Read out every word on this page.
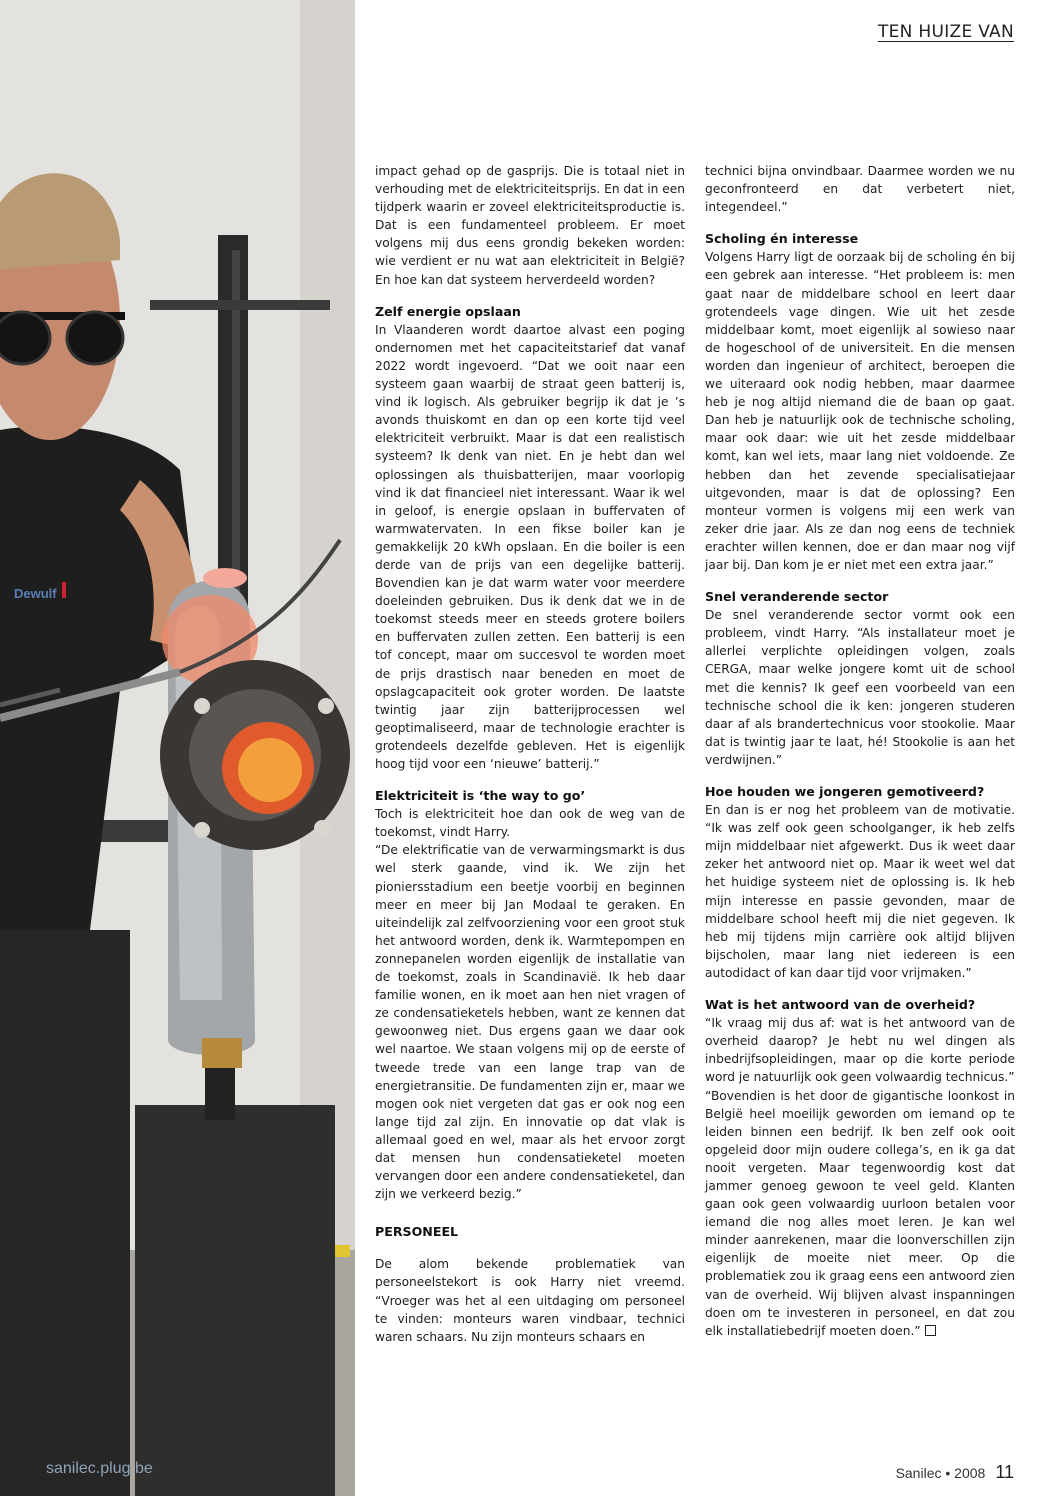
Dewulf
sanilec.plug.be
TEN HUIZE VAN

impact gehad op de gasprijs. Die is totaal niet in verhouding met de elektriciteitsprijs. En dat in een tijdperk waarin er zoveel elektriciteitsproductie is. Dat is een fundamenteel probleem. Er moet volgens mij dus eens grondig bekeken worden: wie verdient er nu wat aan elektriciteit in België? En hoe kan dat systeem herverdeeld worden?

Zelf energie opslaan

In Vlaanderen wordt daartoe alvast een poging ondernomen met het capaciteitstarief dat vanaf 2022 wordt ingevoerd. “Dat we ooit naar een systeem gaan waarbij de straat geen batterij is, vind ik logisch. Als gebruiker begrijp ik dat je ’s avonds thuiskomt en dan op een korte tijd veel elektriciteit verbruikt. Maar is dat een realistisch systeem? Ik denk van niet. En je hebt dan wel oplossingen als thuisbatterijen, maar voorlopig vind ik dat financieel niet interessant. Waar ik wel in geloof, is energie opslaan in buffervaten of warmwatervaten. In een fikse boiler kan je gemakkelijk 20 kWh opslaan. En die boiler is een derde van de prijs van een degelijke batterij. Bovendien kan je dat warm water voor meerdere doeleinden gebruiken. Dus ik denk dat we in de toekomst steeds meer en steeds grotere boilers en buffervaten zullen zetten. Een batterij is een tof concept, maar om succesvol te worden moet de prijs drastisch naar beneden en moet de opslagcapaciteit ook groter worden. De laatste twintig jaar zijn batterijprocessen wel geoptimaliseerd, maar de technologie erachter is grotendeels dezelfde gebleven. Het is eigenlijk hoog tijd voor een ‘nieuwe’ batterij.”

Elektriciteit is ‘the way to go’

Toch is elektriciteit hoe dan ook de weg van de toekomst, vindt Harry.

“De elektrificatie van de verwarmingsmarkt is dus wel sterk gaande, vind ik. We zijn het pioniersstadium een beetje voorbij en beginnen meer en meer bij Jan Modaal te geraken. En uiteindelijk zal zelfvoorziening voor een groot stuk het antwoord worden, denk ik. Warmtepompen en zonnepanelen worden eigenlijk de installatie van de toekomst, zoals in Scandinavië. Ik heb daar familie wonen, en ik moet aan hen niet vragen of ze condensatieketels hebben, want ze kennen dat gewoonweg niet. Dus ergens gaan we daar ook wel naartoe. We staan volgens mij op de eerste of tweede trede van een lange trap van de energietransitie. De fundamenten zijn er, maar we mogen ook niet vergeten dat gas er ook nog een lange tijd zal zijn. En innovatie op dat vlak is allemaal goed en wel, maar als het ervoor zorgt dat mensen hun condensatieketel moeten vervangen door een andere condensatieketel, dan zijn we verkeerd bezig.”

PERSONEEL

De alom bekende problematiek van personeelstekort is ook Harry niet vreemd. “Vroeger was het al een uitdaging om personeel te vinden: monteurs waren vindbaar, technici waren schaars. Nu zijn monteurs schaars en

technici bijna onvindbaar. Daarmee worden we nu geconfronteerd en dat verbetert niet, integendeel.”

Scholing én interesse

Volgens Harry ligt de oorzaak bij de scholing én bij een gebrek aan interesse. “Het probleem is: men gaat naar de middelbare school en leert daar grotendeels vage dingen. Wie uit het zesde middelbaar komt, moet eigenlijk al sowieso naar de hogeschool of de universiteit. En die mensen worden dan ingenieur of architect, beroepen die we uiteraard ook nodig hebben, maar daarmee heb je nog altijd niemand die de baan op gaat. Dan heb je natuurlijk ook de technische scholing, maar ook daar: wie uit het zesde middelbaar komt, kan wel iets, maar lang niet voldoende. Ze hebben dan het zevende specialisatiejaar uitgevonden, maar is dat de oplossing? Een monteur vormen is volgens mij een werk van zeker drie jaar. Als ze dan nog eens de techniek erachter willen kennen, doe er dan maar nog vijf jaar bij. Dan kom je er niet met een extra jaar.”

Snel veranderende sector

De snel veranderende sector vormt ook een probleem, vindt Harry. “Als installateur moet je allerlei verplichte opleidingen volgen, zoals CERGA, maar welke jongere komt uit de school met die kennis? Ik geef een voorbeeld van een technische school die ik ken: jongeren studeren daar af als brandertechnicus voor stookolie. Maar dat is twintig jaar te laat, hé! Stookolie is aan het verdwijnen.”

Hoe houden we jongeren gemotiveerd?

En dan is er nog het probleem van de motivatie. “Ik was zelf ook geen schoolganger, ik heb zelfs mijn middelbaar niet afgewerkt. Dus ik weet daar zeker het antwoord niet op. Maar ik weet wel dat het huidige systeem niet de oplossing is. Ik heb mijn interesse en passie gevonden, maar de middelbare school heeft mij die niet gegeven. Ik heb mij tijdens mijn carrière ook altijd blijven bijscholen, maar lang niet iedereen is een autodidact of kan daar tijd voor vrijmaken.”

Wat is het antwoord van de overheid?

“Ik vraag mij dus af: wat is het antwoord van de overheid daarop? Je hebt nu wel dingen als inbedrijfsopleidingen, maar op die korte periode word je natuurlijk ook geen volwaardig technicus.”

“Bovendien is het door de gigantische loonkost in België heel moeilijk geworden om iemand op te leiden binnen een bedrijf. Ik ben zelf ook ooit opgeleid door mijn oudere collega’s, en ik ga dat nooit vergeten. Maar tegenwoordig kost dat jammer genoeg gewoon te veel geld. Klanten gaan ook geen volwaardig uurloon betalen voor iemand die nog alles moet leren. Je kan wel minder aanrekenen, maar die loonverschillen zijn eigenlijk de moeite niet meer. Op die problematiek zou ik graag eens een antwoord zien van de overheid. Wij blijven alvast inspanningen doen om te investeren in personeel, en dat zou elk installatiebedrijf moeten doen.”

Sanilec • 2008 11
